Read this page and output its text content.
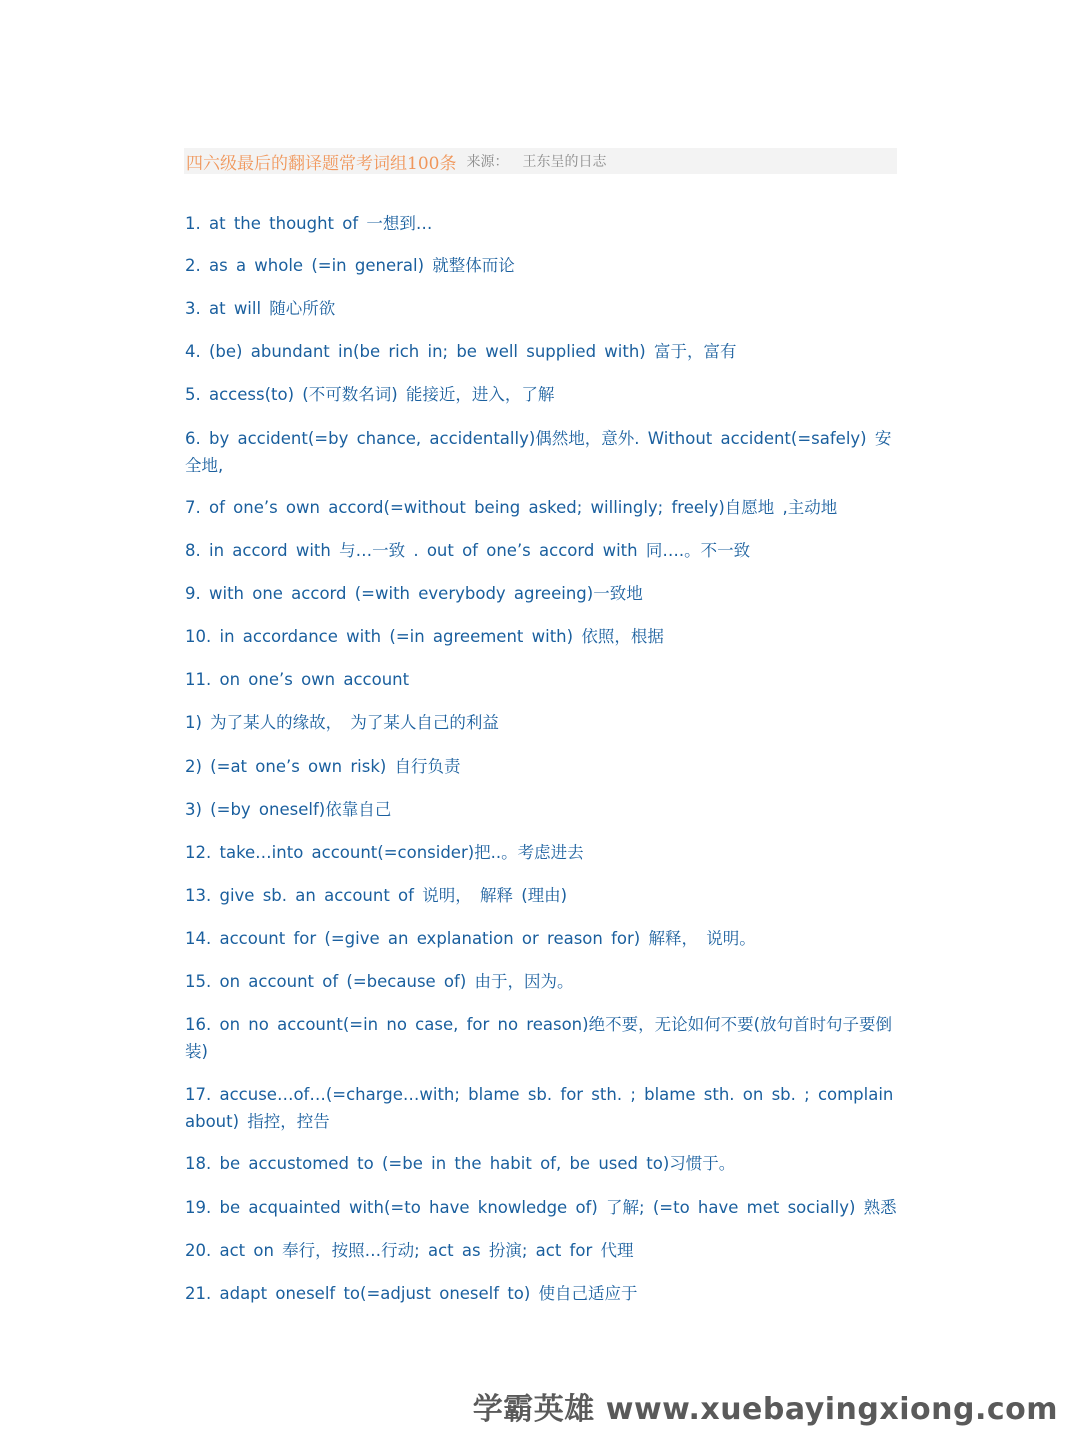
四六级最后的翻译题常考词组100条 来源： 王东呈的日志
1. at the thought of 一想到…
2. as a whole (=in general) 就整体而论
3. at will 随心所欲
4. (be) abundant in(be rich in; be well supplied with) 富于，富有
5. access(to) (不可数名词) 能接近，进入，了解
6. by accident(=by chance, accidentally)偶然地，意外. Without accident(=safely) 安全地,
7. of one’s own accord(=without being asked; willingly; freely)自愿地 ,主动地
8. in accord with 与…一致 . out of one’s accord with 同….。不一致
9. with one accord (=with everybody agreeing)一致地
10. in accordance with (=in agreement with) 依照，根据
11. on one’s own account
1) 为了某人的缘故， 为了某人自己的利益
2) (=at one’s own risk) 自行负责
3) (=by oneself)依靠自己
12. take…into account(=consider)把..。考虑进去
13. give sb. an account of 说明， 解释 (理由)
14. account for (=give an explanation or reason for) 解释， 说明。
15. on account of (=because of) 由于，因为。
16. on no account(=in no case, for no reason)绝不要，无论如何不要(放句首时句子要倒装)
17. accuse…of…(=charge…with; blame sb. for sth. ; blame sth. on sb. ; complain about) 指控，控告
18. be accustomed to (=be in the habit of, be used to)习惯于。
19. be acquainted with(=to have knowledge of) 了解; (=to have met socially) 熟悉
20. act on 奉行，按照…行动; act as 扮演; act for 代理
21. adapt oneself to(=adjust oneself to) 使自己适应于
学霸英雄 www.xuebayingxiong.com
